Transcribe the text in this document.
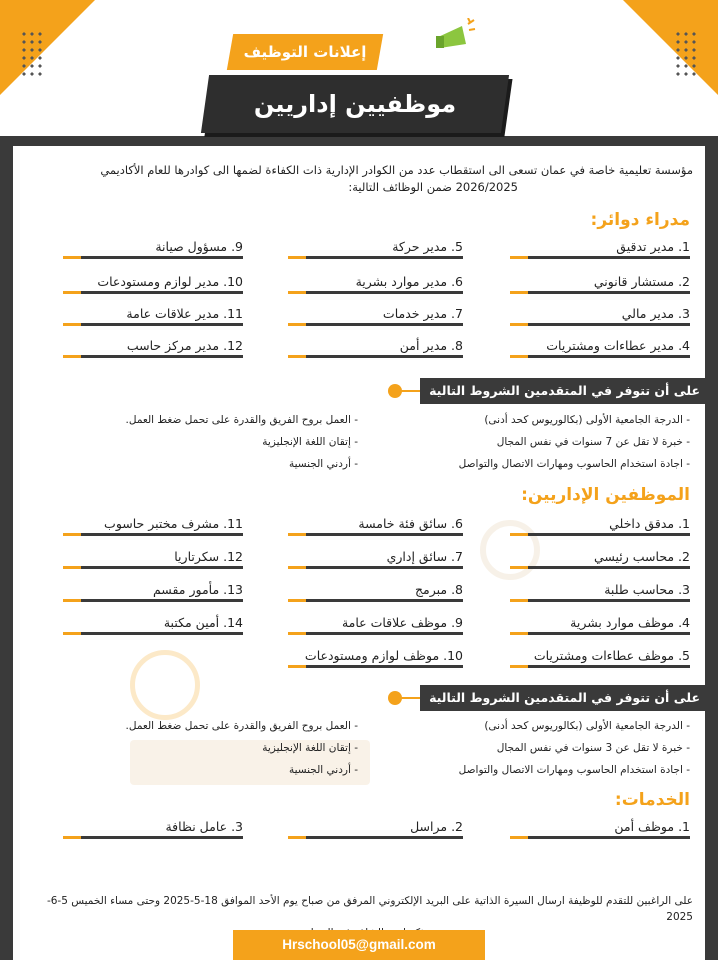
إعلانات التوظيف
موظفيين إداريين
مؤسسة تعليمية خاصة في عمان تسعى الى استقطاب عدد من الكوادر الإدارية ذات الكفاءة لضمها الى كوادرها للعام الأكاديمي
2026/2025 ضمن الوظائف التالية:
مدراء دوائر:
1. مدير تدقيق
2. مستشار قانوني
3. مدير مالي
4. مدير عطاءات ومشتريات
5. مدير حركة
6. مدير موارد بشرية
7. مدير خدمات
8. مدير أمن
9. مسؤول صيانة
10. مدير لوازم ومستودعات
11. مدير علاقات عامة
12. مدير مركز حاسب
على أن تتوفر في المتقدمين الشروط التالية :
- الدرجة الجامعية الأولى (بكالوريوس كحد أدنى)
- خبرة لا تقل عن 7 سنوات في نفس المجال
- اجادة استخدام الحاسوب ومهارات الاتصال والتواصل
- العمل بروح الفريق والقدرة على تحمل ضغط العمل.
- إتقان اللغة الإنجليزية
- أردني الجنسية
الموظفين الإداريين:
1. مدقق داخلي
2. محاسب رئيسي
3. محاسب طلبة
4. موظف موارد بشرية
5. موظف عطاءات ومشتريات
6. سائق فئة خامسة
7. سائق إداري
8. مبرمج
9. موظف علاقات عامة
10. موظف لوازم ومستودعات
11. مشرف مختبر حاسوب
12. سكرتاريا
13. مأمور مقسم
14. أمين مكتبة
على أن تتوفر في المتقدمين الشروط التالية :
- الدرجة الجامعية الأولى (بكالوريوس كحد أدنى)
- خبرة لا تقل عن 3 سنوات في نفس المجال
- اجادة استخدام الحاسوب ومهارات الاتصال والتواصل
- العمل بروح الفريق والقدرة على تحمل ضغط العمل.
- إتقان اللغة الإنجليزية
- أردني الجنسية
الخدمات:
1. موظف أمن
2. مراسل
3. عامل نظافة
على الراغبين للتقدم للوظيفة ارسال السيرة الذاتية على البريد الإلكتروني المرفق من صباح يوم الأحد الموافق 18-5-2025 وحتى مساء الخميس 5-6-2025
Hrschool05@gmail.com
